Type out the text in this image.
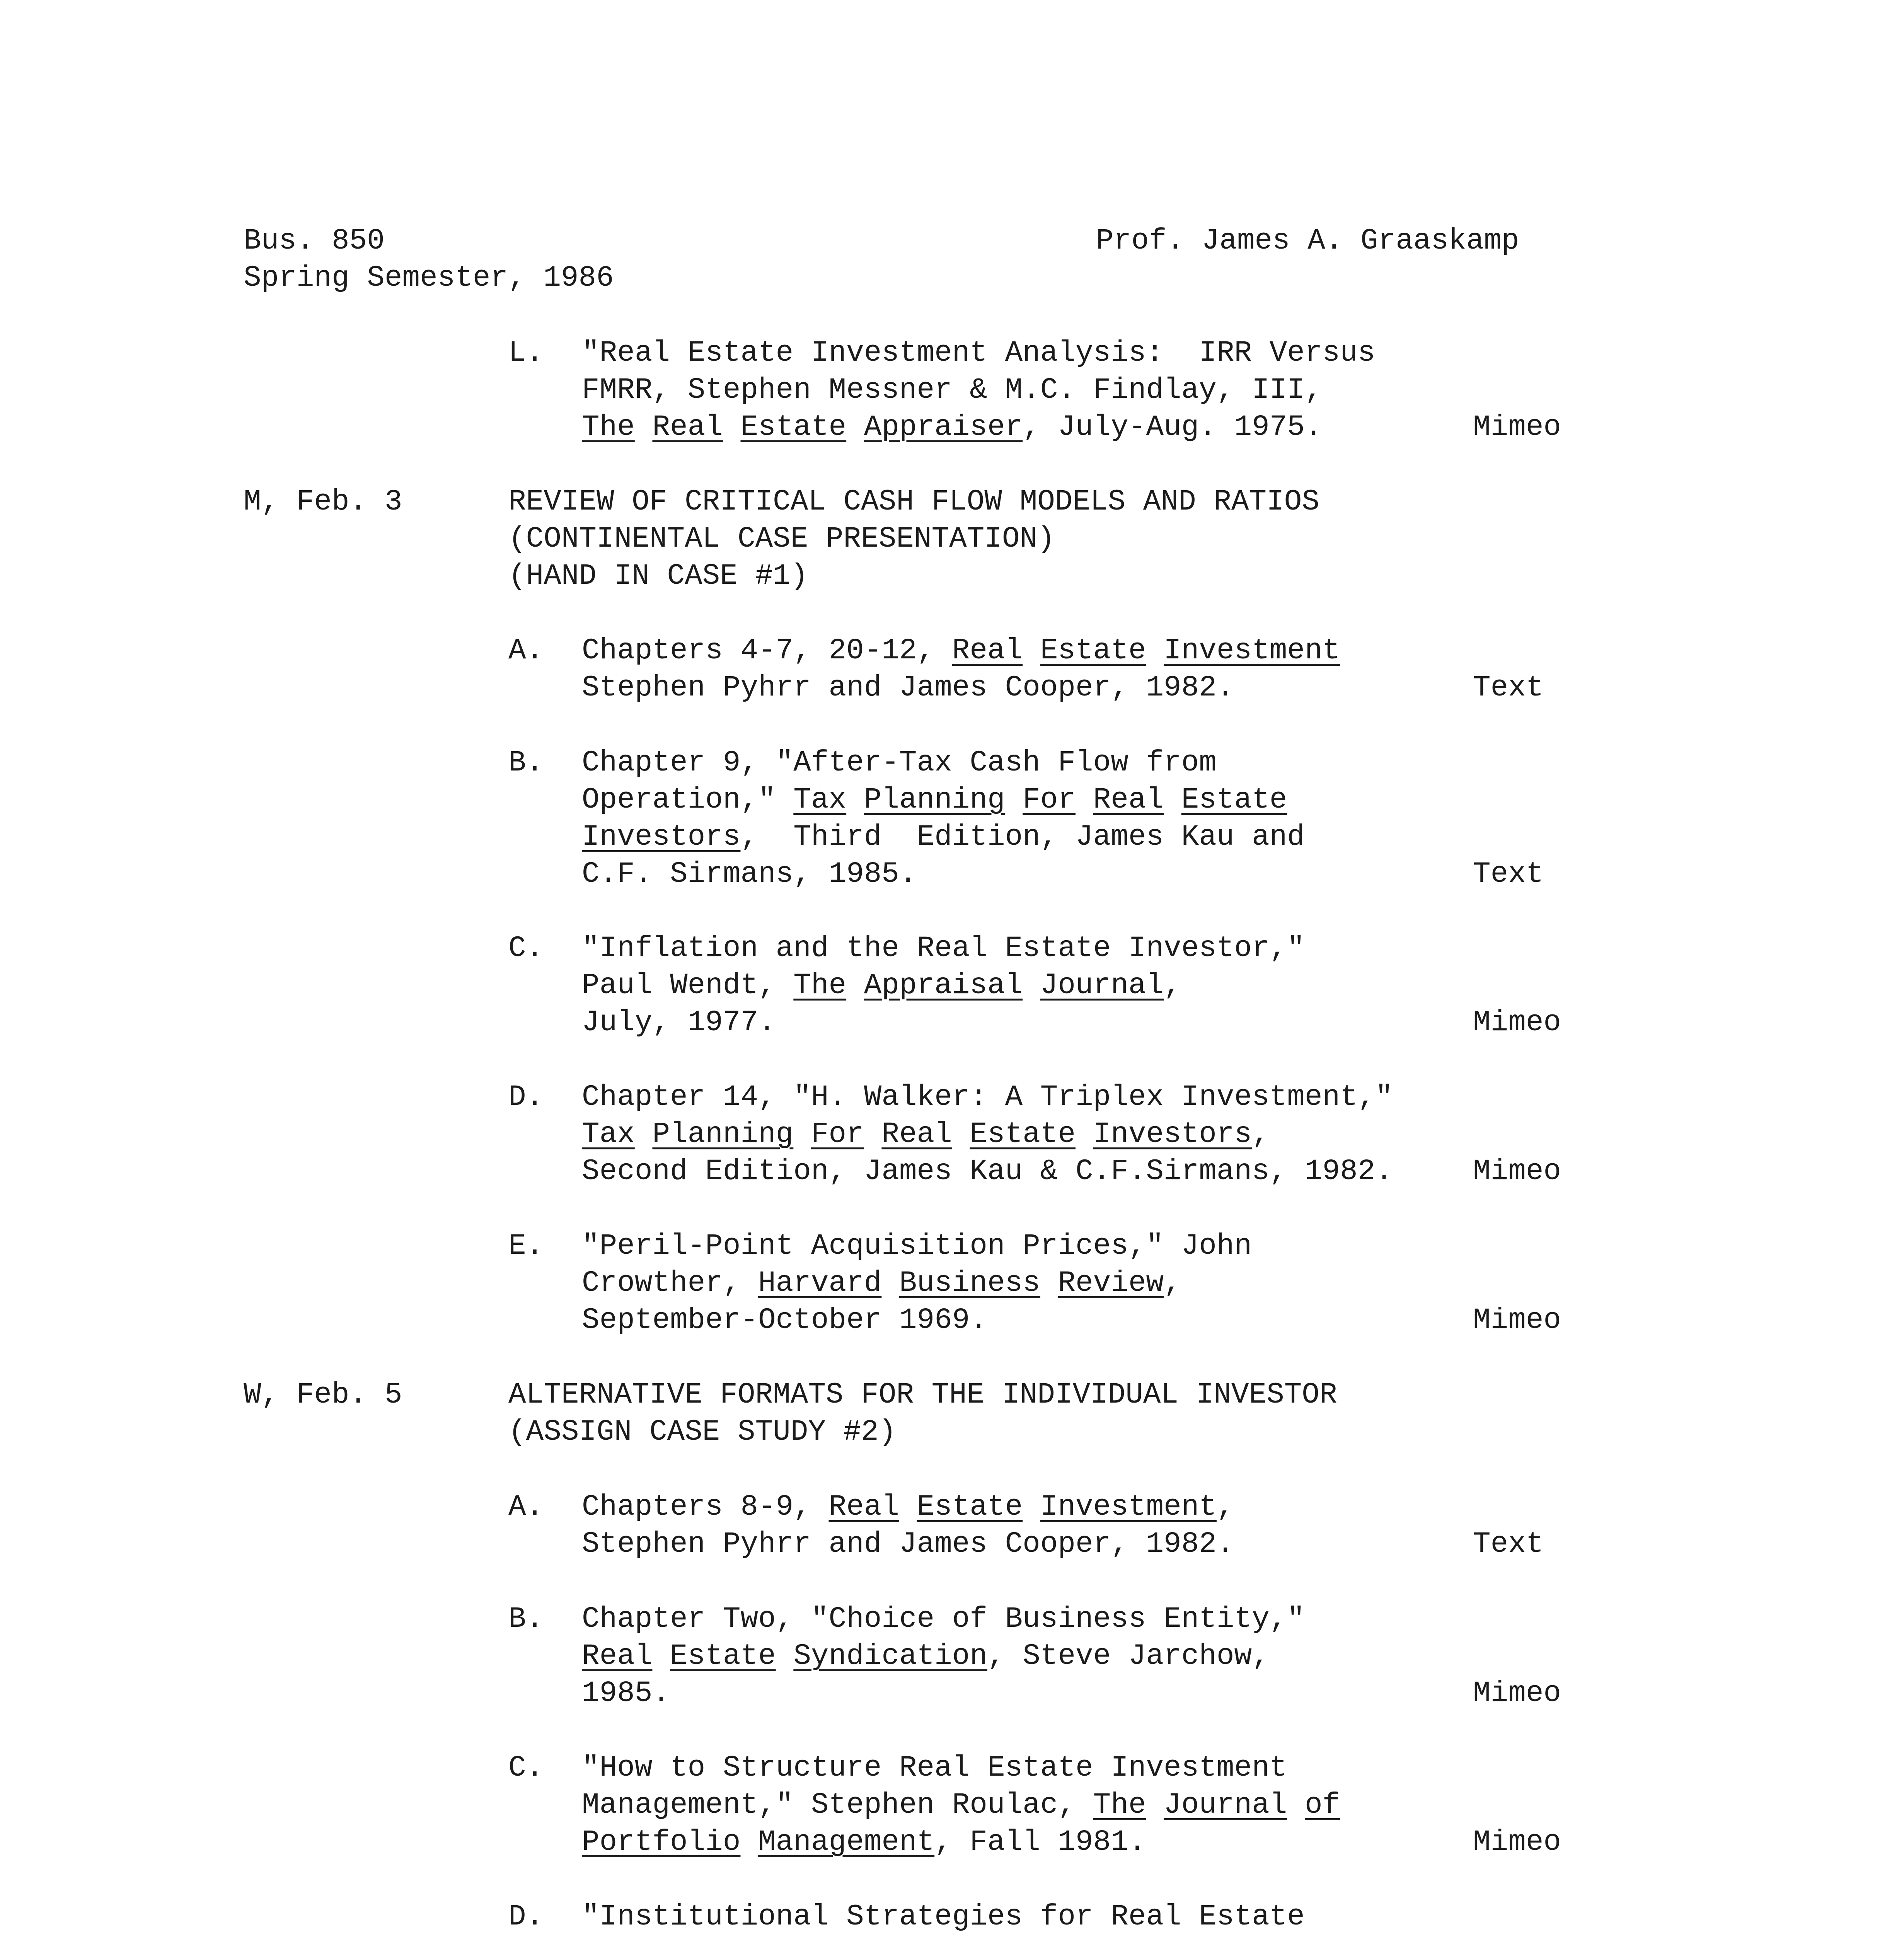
Bus. 850
Spring Semester, 1986
Prof. James A. Graaskamp
L. "Real Estate Investment Analysis:  IRR Versus
FMRR, Stephen Messner & M.C. Findlay, III,
The Real Estate Appraiser, July-Aug. 1975.	Mimeo
M, Feb. 3	REVIEW OF CRITICAL CASH FLOW MODELS AND RATIOS
(CONTINENTAL CASE PRESENTATION)
(HAND IN CASE #1)
A. Chapters 4-7, 20-12, Real Estate Investment
Stephen Pyhrr and James Cooper, 1982.	Text
B. Chapter 9, "After-Tax Cash Flow from
Operation," Tax Planning For Real Estate
Investors,  Third  Edition, James Kau and
C.F. Sirmans, 1985.	Text
C. "Inflation and the Real Estate Investor,"
Paul Wendt, The Appraisal Journal,
July, 1977.	Mimeo
D. Chapter 14, "H. Walker: A Triplex Investment,"
Tax Planning For Real Estate Investors,
Second Edition, James Kau & C.F.Sirmans, 1982.	Mimeo
E. "Peril-Point Acquisition Prices," John
Crowther, Harvard Business Review,
September-October 1969.	Mimeo
W, Feb. 5	ALTERNATIVE FORMATS FOR THE INDIVIDUAL INVESTOR
(ASSIGN CASE STUDY #2)
A. Chapters 8-9, Real Estate Investment,
Stephen Pyhrr and James Cooper, 1982.	Text
B. Chapter Two, "Choice of Business Entity,"
Real Estate Syndication, Steve Jarchow,
1985.	Mimeo
C. "How to Structure Real Estate Investment
Management," Stephen Roulac, The Journal of
Portfolio Management, Fall 1981.	Mimeo
D. "Institutional Strategies for Real Estate
